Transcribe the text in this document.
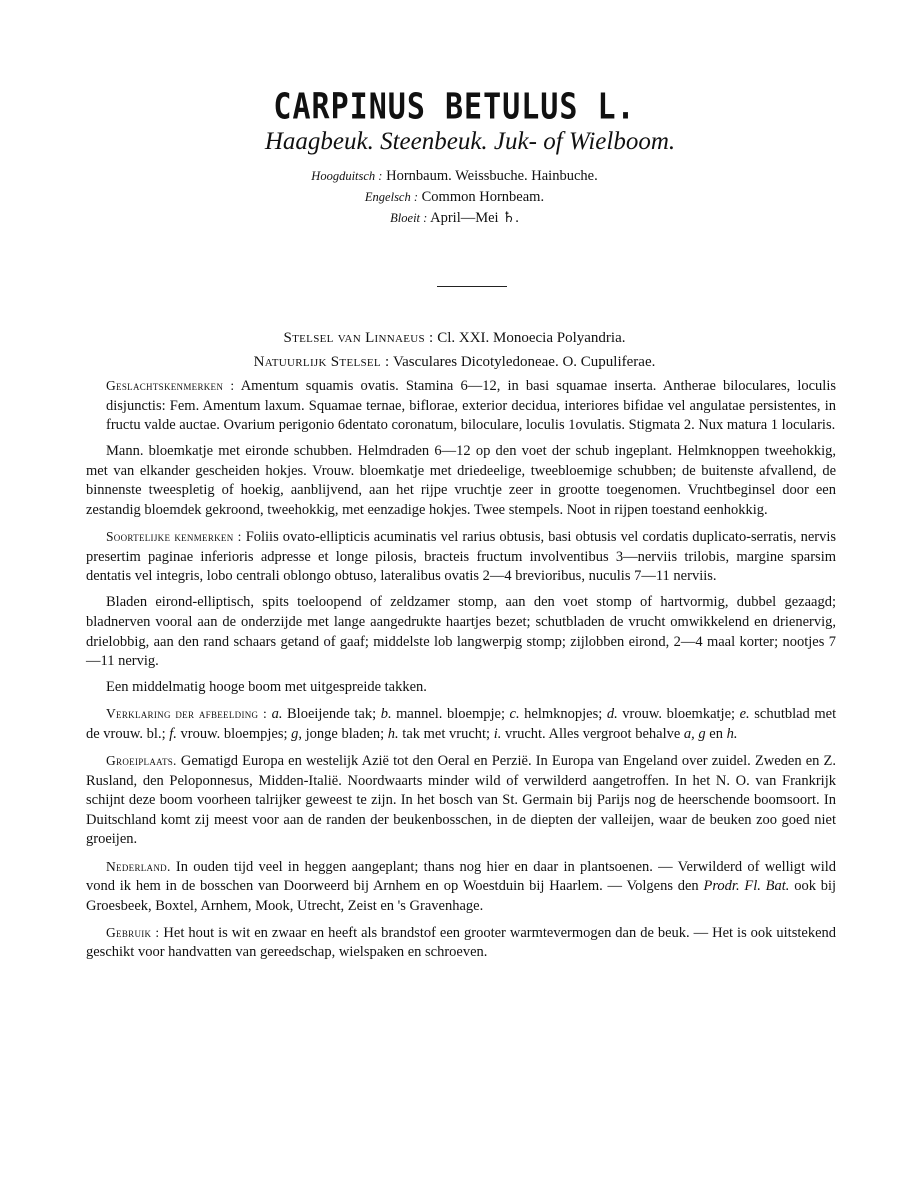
CARPINUS BETULUS L.
Haagbeuk. Steenbeuk. Juk- of Wielboom.
Hoogduitsch : Hornbaum. Weissbuche. Hainbuche.
Engelsch : Common Hornbeam.
Bloeit : April—Mei ♄.
Stelsel van Linnaeus : Cl. XXI. Monoecia Polyandria.
Natuurlijk Stelsel : Vasculares Dicotyledoneae. O. Cupuliferae.

Geslachtskenmerken : Amentum squamis ovatis. Stamina 6—12, in basi squamae inserta. Antherae biloculares, loculis disjunctis: Fem. Amentum laxum. Squamae ternae, biflorae, exterior decidua, interiores bifidae vel angulatae persistentes, in fructu valde auctae. Ovarium perigonio 6dentato coronatum, biloculare, loculis 1ovulatis. Stigmata 2. Nux matura 1 locularis.

Mann. bloemkatje met eironde schubben. Helmdraden 6—12 op den voet der schub ingeplant. Helmknoppen tweehokkig, met van elkander gescheiden hokjes. Vrouw. bloemkatje met driedeelige, tweebloemige schubben; de buitenste afvallend, de binnenste tweespletig of hoekig, aanblijvend, aan het rijpe vruchtje zeer in grootte toegenomen. Vruchtbeginsel door een zestandig bloemdek gekroond, tweehokkig, met eenzadige hokjes. Twee stempels. Noot in rijpen toestand eenhokkig.

Soortelijke kenmerken : Foliis ovato-ellipticis acuminatis vel rarius obtusis, basi obtusis vel cordatis duplicato-serratis, nervis presertim paginae inferioris adpresse et longe pilosis, bracteis fructum involventibus 3—nerviis trilobis, margine sparsim dentatis vel integris, lobo centrali oblongo obtuso, lateralibus ovatis 2—4 brevioribus, nuculis 7—11 nerviis.

Bladen eirond-elliptisch, spits toeloopend of zeldzamer stomp, aan den voet stomp of hartvormig, dubbel gezaagd; bladnerven vooral aan de onderzijde met lange aangedrukte haartjes bezet; schutbladen de vrucht omwikkelend en drienervig, drielobbig, aan den rand schaars getand of gaaf; middelste lob langwerpig stomp; zijlobben eirond, 2—4 maal korter; nootjes 7—11 nervig.

Een middelmatig hooge boom met uitgespreide takken.

Verklaring der afbeelding : a. Bloeijende tak; b. mannel. bloempje; c. helmknopjes; d. vrouw. bloemkatje; e. schutblad met de vrouw. bl.; f. vrouw. bloempjes; g, jonge bladen; h. tak met vrucht; i. vrucht. Alles vergroot behalve a, g en h.

Groeiplaats. Gematigd Europa en westelijk Azië tot den Oeral en Perzië. In Europa van Engeland over zuidel. Zweden en Z. Rusland, den Peloponnesus, Midden-Italië. Noordwaarts minder wild of verwilderd aangetroffen. In het N. O. van Frankrijk schijnt deze boom voorheen talrijker geweest te zijn. In het bosch van St. Germain bij Parijs nog de heerschende boomsoort. In Duitschland komt zij meest voor aan de randen der beukenbosschen, in de diepten der valleijen, waar de beuken zoo goed niet groeijen.

Nederland. In ouden tijd veel in heggen aangeplant; thans nog hier en daar in plantsoenen. — Verwilderd of welligt wild vond ik hem in de bosschen van Doorweerd bij Arnhem en op Woestduin bij Haarlem. — Volgens den Prodr. Fl. Bat. ook bij Groesbeek, Boxtel, Arnhem, Mook, Utrecht, Zeist en 's Gravenhage.

Gebruik : Het hout is wit en zwaar en heeft als brandstof een grooter warmtevermogen dan de beuk. — Het is ook uitstekend geschikt voor handvatten van gereedschap, wielspaken en schroeven.
